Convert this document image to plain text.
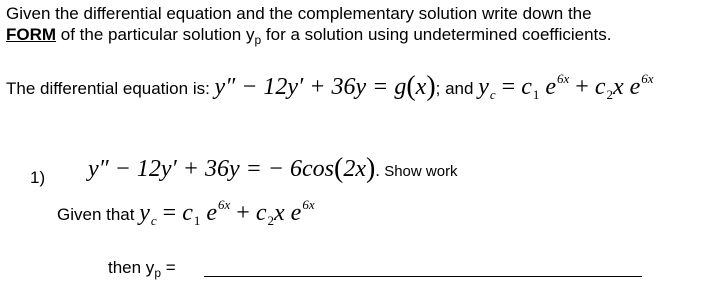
Given the differential equation and the complementary solution write down the
FORM of the particular solution $y_p$ for a solution using undetermined coefficients.
The differential equation is: y″ − 12y′ + 36y = g(x); and $y_c = c_1$ $e^{6x} + c_2x$ $e^{6x}$
1) y″ − 12y′ + 36y = − 6cos(2x). Show work
Given that $y_c = c_1$ $e^{6x} + c_2x$ $e^{6x}$
then $y_p$ =
